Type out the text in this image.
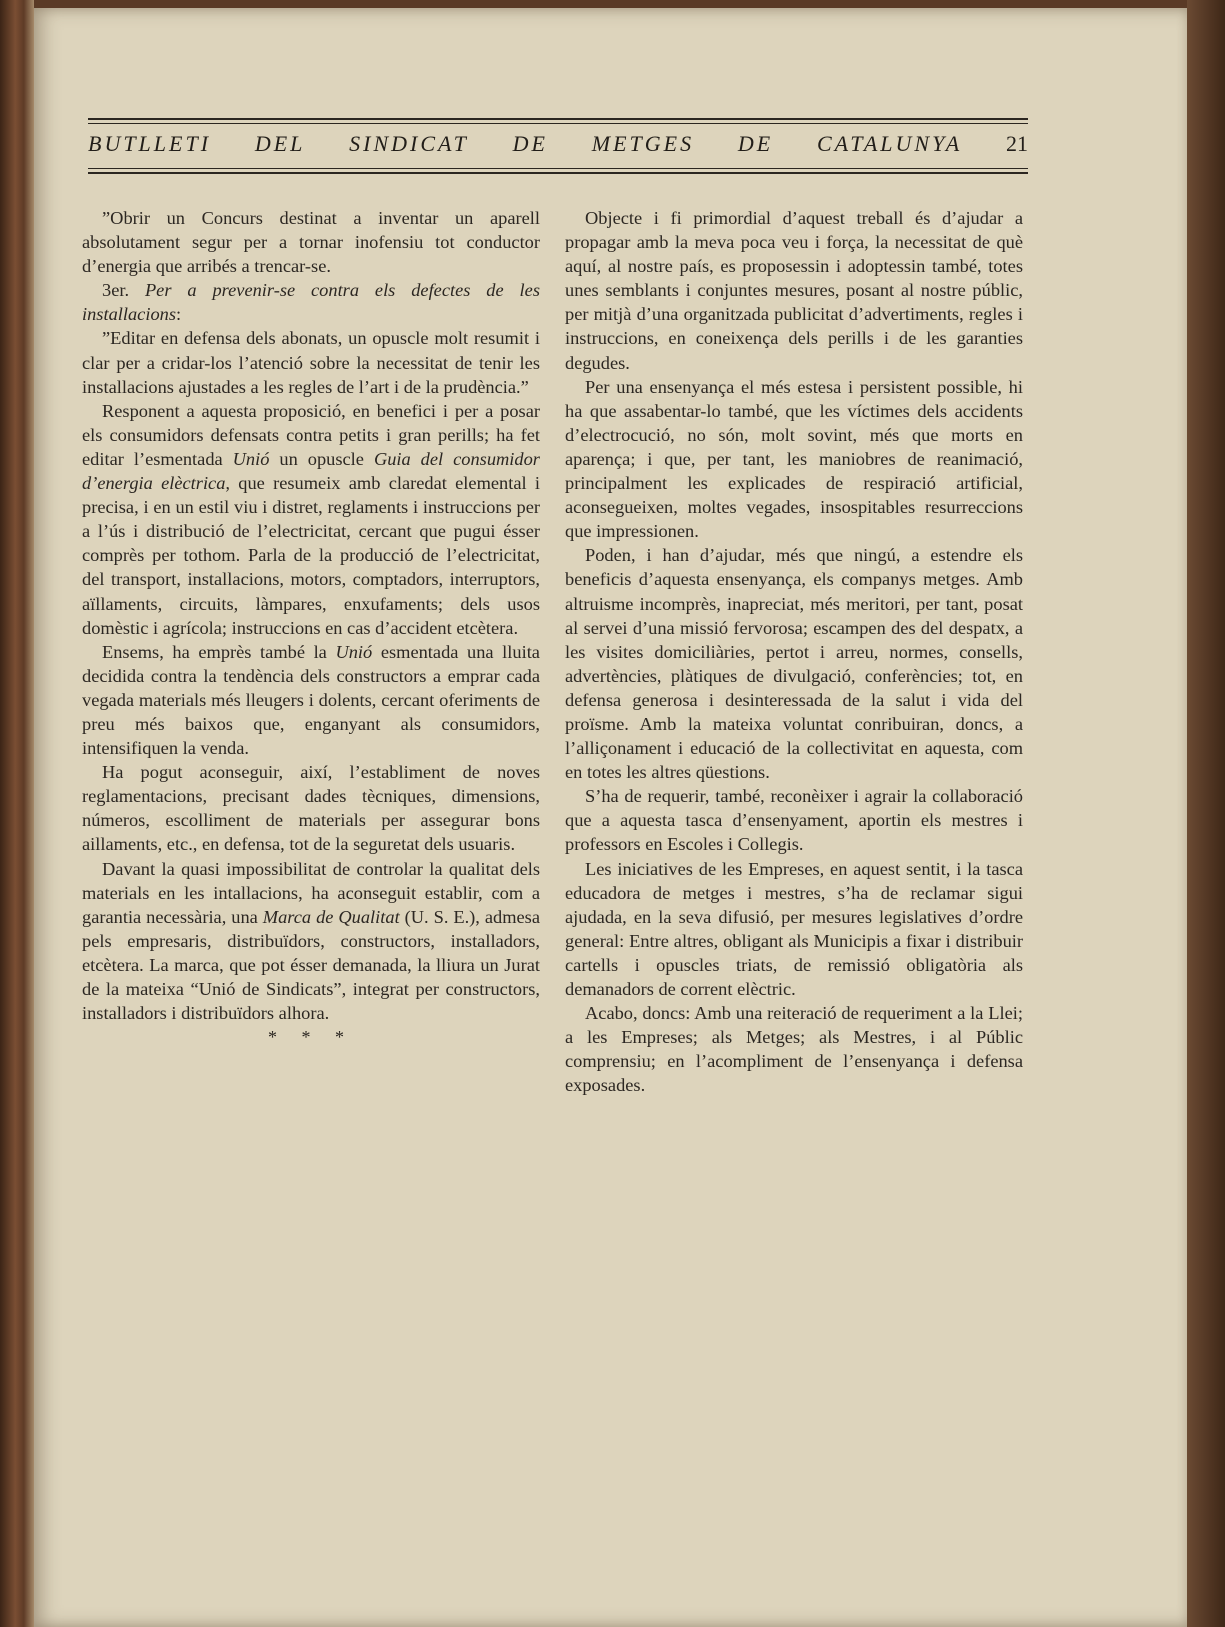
BUTLLETI DEL SINDICAT DE METGES DE CATALUNYA 21

”Obrir un Concurs destinat a inventar un aparell absolutament segur per a tornar inofensiu tot conductor d’energia que arribés a trencar-se.

3er. Per a prevenir-se contra els defectes de les installacions:

”Editar en defensa dels abonats, un opuscle molt resumit i clar per a cridar-los l’atenció sobre la necessitat de tenir les installacions ajustades a les regles de l’art i de la prudència.”

Responent a aquesta proposició, en benefici i per a posar els consumidors defensats contra petits i gran perills; ha fet editar l’esmentada Unió un opuscle Guia del consumidor d’energia elèctrica, que resumeix amb claredat elemental i precisa, i en un estil viu i distret, reglaments i instruccions per a l’ús i distribució de l’electricitat, cercant que pugui ésser comprès per tothom. Parla de la producció de l’electricitat, del transport, installacions, motors, comptadors, interruptors, aïllaments, circuits, làmpares, enxufaments; dels usos domèstic i agrícola; instruccions en cas d’accident etcètera.

Ensems, ha emprès també la Unió esmentada una lluita decidida contra la tendència dels constructors a emprar cada vegada materials més lleugers i dolents, cercant oferiments de preu més baixos que, enganyant als consumidors, intensifiquen la venda.

Ha pogut aconseguir, així, l’establiment de noves reglamentacions, precisant dades tècniques, dimensions, números, escolliment de materials per assegurar bons aillaments, etc., en defensa, tot de la seguretat dels usuaris.

Davant la quasi impossibilitat de controlar la qualitat dels materials en les intallacions, ha aconseguit establir, com a garantia necessària, una Marca de Qualitat (U. S. E.), admesa pels empresaris, distribuïdors, constructors, installadors, etcètera. La marca, que pot ésser demanada, la lliura un Jurat de la mateixa “Unió de Sindicats”, integrat per constructors, installadors i distribuïdors alhora.

* * *

Objecte i fi primordial d’aquest treball és d’ajudar a propagar amb la meva poca veu i força, la necessitat de què aquí, al nostre país, es proposessin i adoptessin també, totes unes semblants i conjuntes mesures, posant al nostre públic, per mitjà d’una organitzada publicitat d’advertiments, regles i instruccions, en coneixença dels perills i de les garanties degudes.

Per una ensenyança el més estesa i persistent possible, hi ha que assabentar-lo també, que les víctimes dels accidents d’electrocució, no són, molt sovint, més que morts en aparença; i que, per tant, les maniobres de reanimació, principalment les explicades de respiració artificial, aconsegueixen, moltes vegades, insospitables resurreccions que impressionen.

Poden, i han d’ajudar, més que ningú, a estendre els beneficis d’aquesta ensenyança, els companys metges. Amb altruisme incomprès, inapreciat, més meritori, per tant, posat al servei d’una missió fervorosa; escampen des del despatx, a les visites domiciliàries, pertot i arreu, normes, consells, advertències, plàtiques de divulgació, conferències; tot, en defensa generosa i desinteressada de la salut i vida del proïsme. Amb la mateixa voluntat conribuiran, doncs, a l’alliçonament i educació de la collectivitat en aquesta, com en totes les altres qüestions.

S’ha de requerir, també, reconèixer i agrair la collaboració que a aquesta tasca d’ensenyament, aportin els mestres i professors en Escoles i Collegis.

Les iniciatives de les Empreses, en aquest sentit, i la tasca educadora de metges i mestres, s’ha de reclamar sigui ajudada, en la seva difusió, per mesures legislatives d’ordre general: Entre altres, obligant als Municipis a fixar i distribuir cartells i opuscles triats, de remissió obligatòria als demanadors de corrent elèctric.

Acabo, doncs: Amb una reiteració de requeriment a la Llei; a les Empreses; als Metges; als Mestres, i al Públic comprensiu; en l’acompliment de l’ensenyança i defensa exposades.
